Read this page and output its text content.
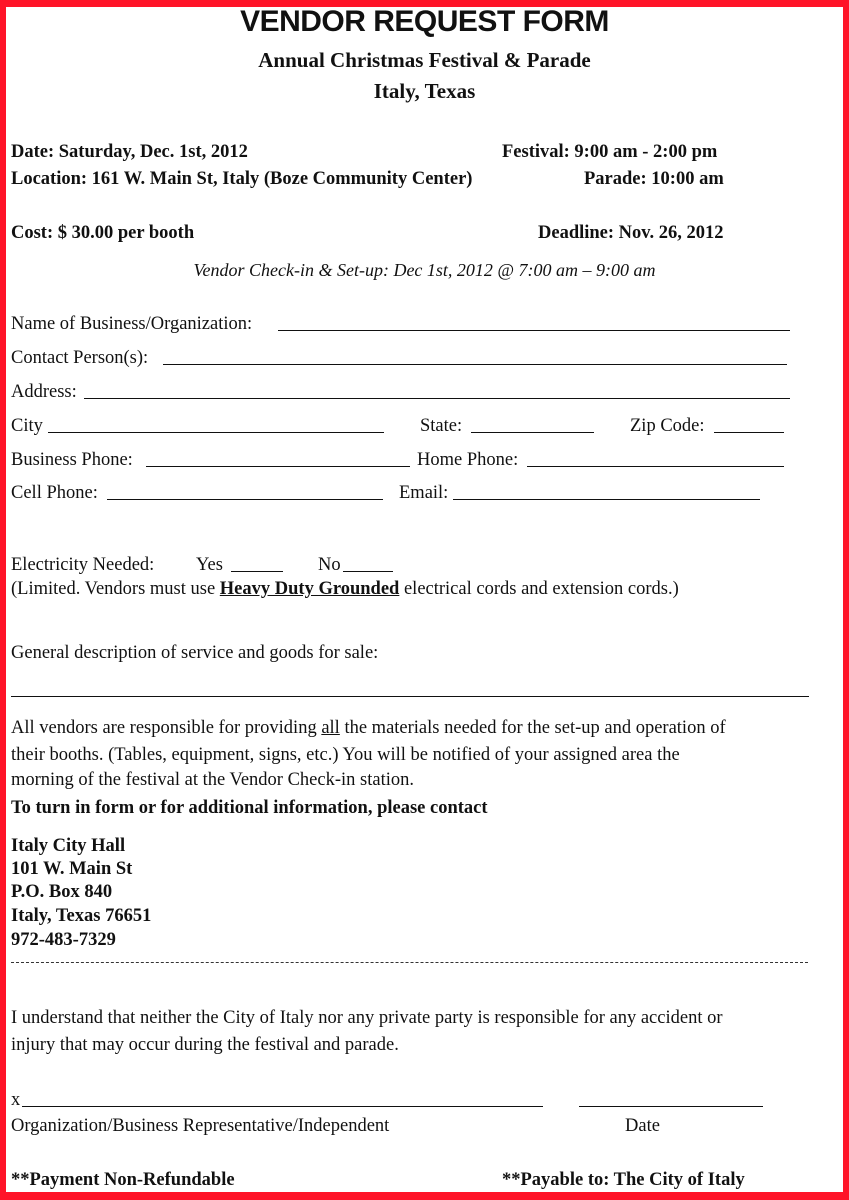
VENDOR REQUEST FORM
Annual Christmas Festival & Parade
Italy, Texas
Date: Saturday, Dec. 1st, 2012	Festival: 9:00 am - 2:00 pm
Location: 161 W. Main St, Italy (Boze Community Center)	Parade: 10:00 am
Cost: $ 30.00 per booth	Deadline: Nov. 26, 2012
Vendor Check-in & Set-up: Dec 1st, 2012 @ 7:00 am – 9:00 am
Name of Business/Organization:
Contact Person(s):
Address:
City	State:	Zip Code:
Business Phone:	Home Phone:
Cell Phone:	Email:
Electricity Needed: Yes	No
(Limited. Vendors must use Heavy Duty Grounded electrical cords and extension cords.)
General description of service and goods for sale:
All vendors are responsible for providing all the materials needed for the set-up and operation of
their booths. (Tables, equipment, signs, etc.) You will be notified of your assigned area the
morning of the festival at the Vendor Check-in station.
To turn in form or for additional information, please contact
Italy City Hall
101 W. Main St
P.O. Box 840
Italy, Texas 76651
972-483-7329
I understand that neither the City of Italy nor any private party is responsible for any accident or
injury that may occur during the festival and parade.
x
Organization/Business Representative/Independent	Date
**Payment Non-Refundable	**Payable to: The City of Italy
